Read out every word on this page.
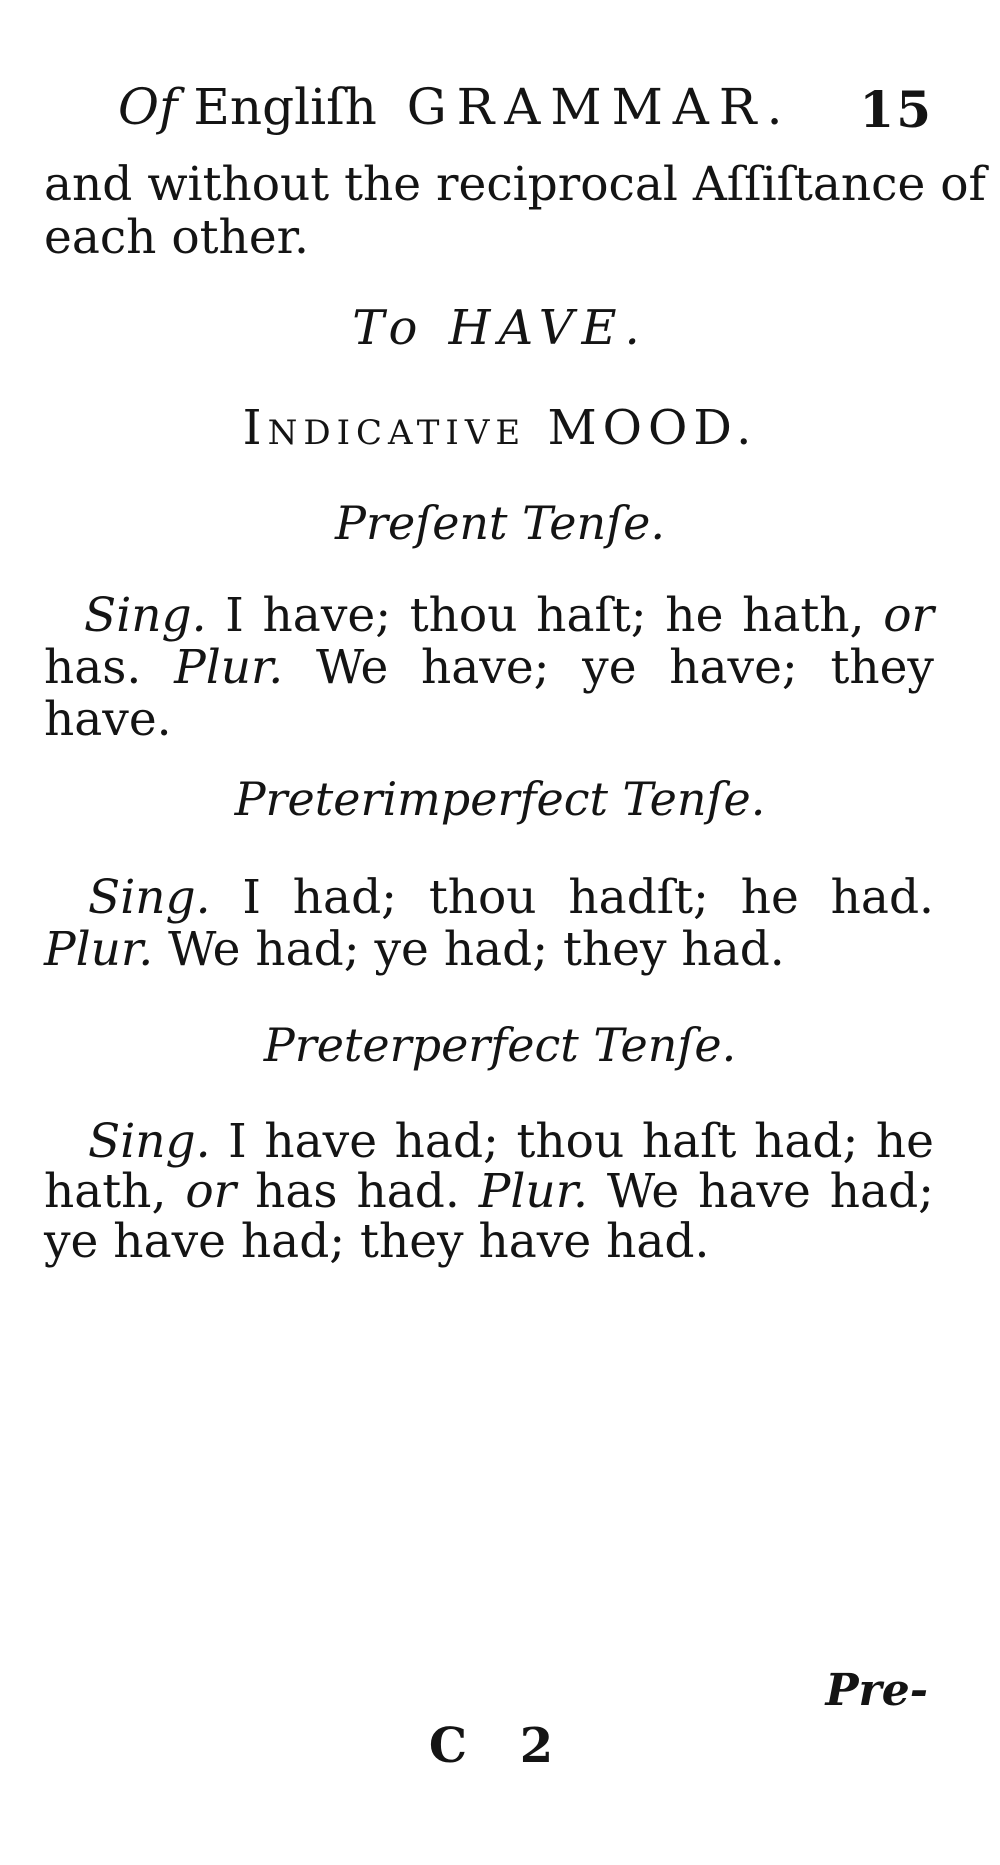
Of Engliſh GRAMMAR. 15
and without the reciprocal Aſſiſtance of
each other.
To HAVE.
Indicative MOOD.
Preſent Tenſe.
Sing. I have; thou haſt; he hath, or
has. Plur. We have; ye have; they
have.
Preterimperfect Tenſe.
Sing. I had; thou hadſt; he had.
Plur. We had; ye had; they had.
Preterperfect Tenſe.
Sing. I have had; thou haſt had; he
hath, or has had. Plur. We have had;
ye have had; they have had.
Pre-
C 2
